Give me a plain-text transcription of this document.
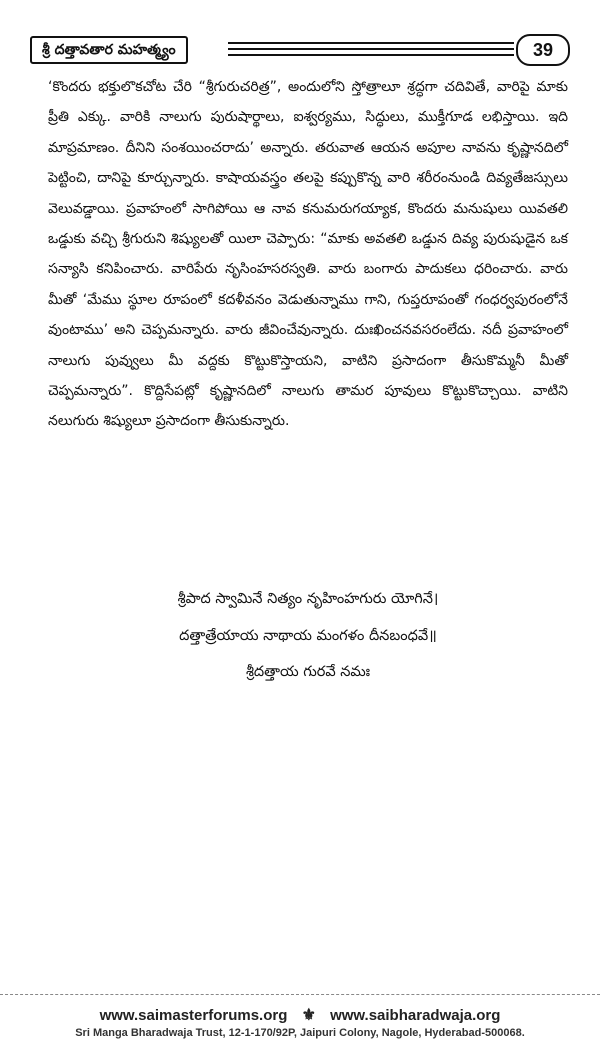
శ్రీ దత్తావతార మహత్మ్యం	39
‘కొందరు భక్తులొకచోట చేరి “శ్రీగురుచరిత్ర”, అందులోని స్తోత్రాలూ శ్రద్ధగా చదివితే, వారిపై మాకు ప్రీతి ఎక్కు. వారికి నాలుగు పురుషార్థాలు, ఐశ్వర్యము, సిద్ధులు, ముక్తీగూడ లభిస్తాయి. ఇది మాప్రమాణం. దీనిని సంశయించరాదు’ అన్నారు. తరువాత ఆయన అపూల నావను కృష్ణానదిలో పెట్టించి, దానిపై కూర్చున్నారు. కాషాయవస్త్రం తలపై కప్పుకొన్న వారి శరీరంనుండి దివ్యతేజస్సులు వెలువడ్డాయి. ప్రవాహంలో సాగిపోయి ఆ నావ కనుమరుగయ్యాక, కొందరు మనుషులు యివతలి ఒడ్డుకు వచ్చి శ్రీగురుని శిష్యులతో యిలా చెప్పారు: “మాకు అవతలి ఒడ్డున దివ్య పురుషుడైన ఒక సన్యాసి కనిపించారు. వారిపేరు నృసింహసరస్వతి. వారు బంగారు పాదుకలు ధరించారు. వారు మీతో ‘మేము స్థూల రూపంలో కదళీవనం వెడుతున్నాము గాని, గుప్తరూపంతో గంధర్వపురంలోనే వుంటాము’ అని చెప్పమన్నారు. వారు జీవించేవున్నారు. దుఃఖించనవసరంలేదు. నదీ ప్రవాహంలో నాలుగు పువ్వులు మీ వద్దకు కొట్టుకొస్తాయని, వాటిని ప్రసాదంగా తీసుకొమ్మనీ మీతో చెప్పమన్నారు”. కొద్దిసేపట్లో కృష్ణానదిలో నాలుగు తామర పూవులు కొట్టుకొచ్చాయి. వాటిని నలుగురు శిష్యులూ ప్రసాదంగా తీసుకున్నారు.
శ్రీపాద స్వామినే నిత్యం నృహింహగురు యోగినే।
దత్తాత్రేయాయ నాథాయ మంగళం దీనబంధవే॥
శ్రీదత్తాయ గురవే నమః
www.saimasterforums.org ⚜ www.saibharadwaja.org
Sri Manga Bharadwaja Trust, 12-1-170/92P, Jaipuri Colony, Nagole, Hyderabad-500068.
